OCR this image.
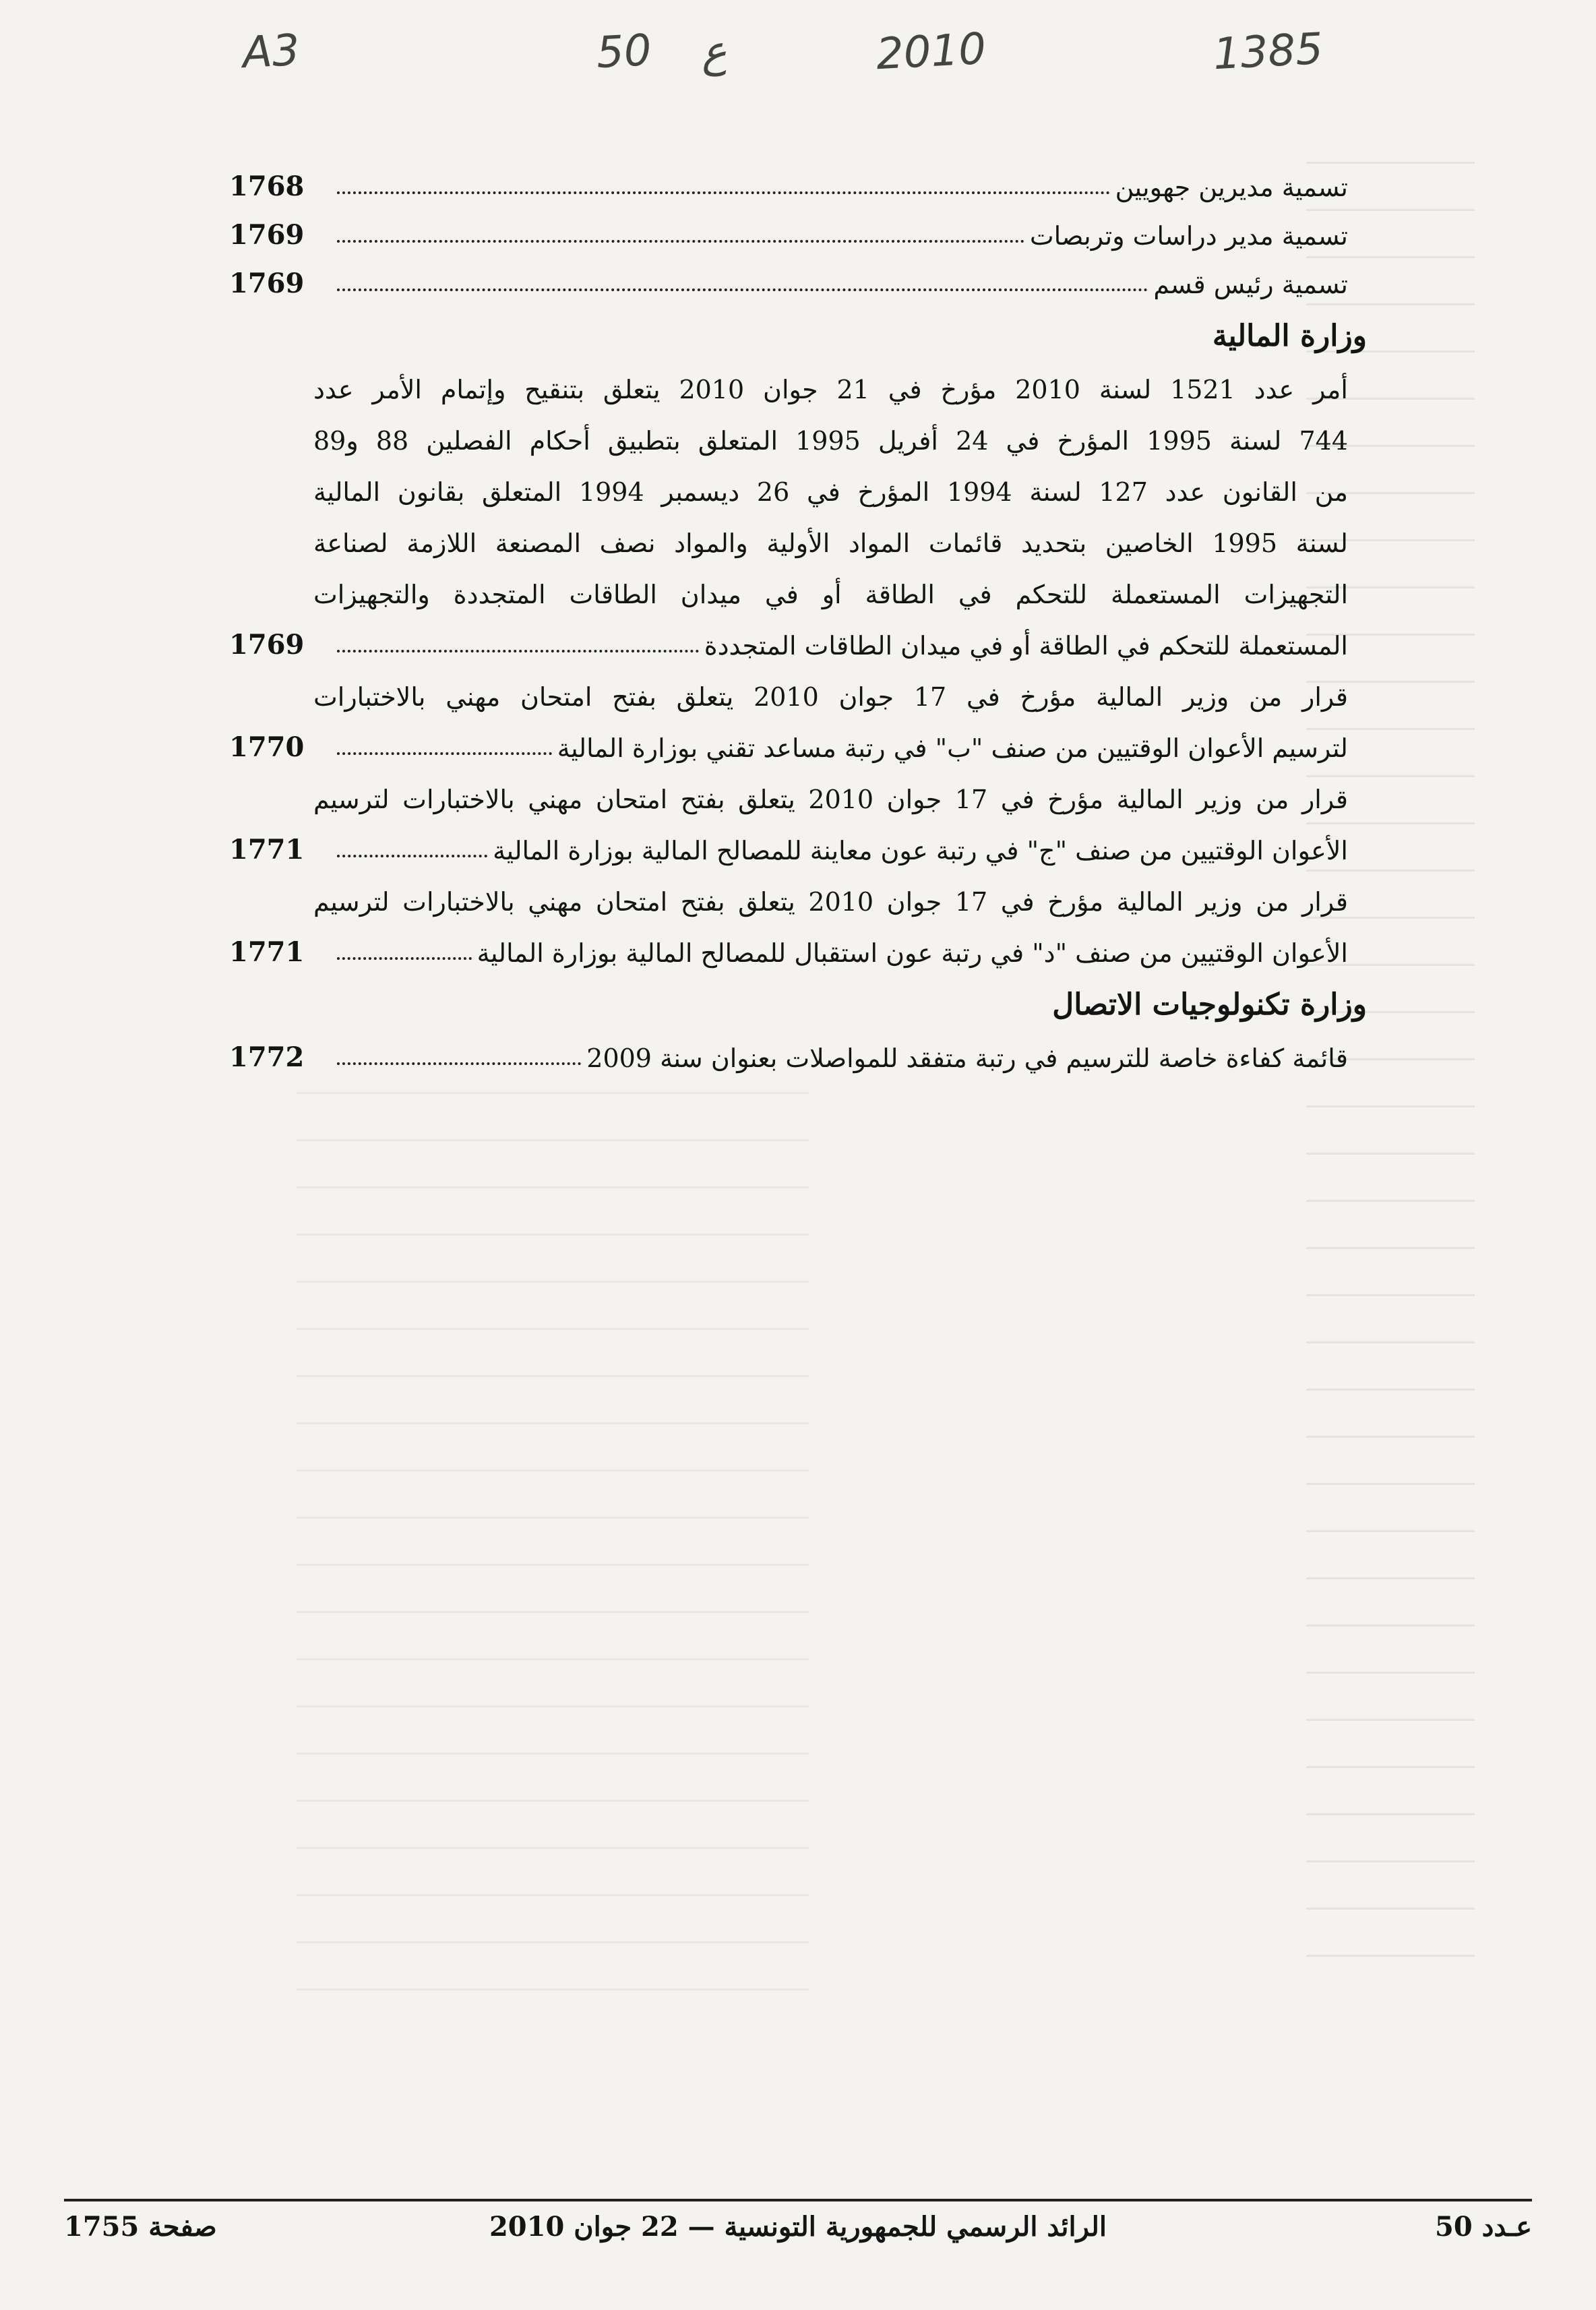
A3	50 ع	2010	1385
تسمية مديرين جهويين
1768
تسمية مدير دراسات وتربصات
1769
تسمية رئيس قسم
1769
وزارة المالية
أمر عدد 1521 لسنة 2010 مؤرخ في 21 جوان 2010 يتعلق بتنقيح وإتمام الأمر عدد
744 لسنة 1995 المؤرخ في 24 أفريل 1995 المتعلق بتطبيق أحكام الفصلين 88 و89
من القانون عدد 127 لسنة 1994 المؤرخ في 26 ديسمبر 1994 المتعلق بقانون المالية
لسنة 1995 الخاصين بتحديد قائمات المواد الأولية والمواد نصف المصنعة اللازمة لصناعة
التجهيزات المستعملة للتحكم في الطاقة أو في ميدان الطاقات المتجددة والتجهيزات
المستعملة للتحكم في الطاقة أو في ميدان الطاقات المتجددة
1769
قرار من وزير المالية مؤرخ في 17 جوان 2010 يتعلق بفتح امتحان مهني بالاختبارات
لترسيم الأعوان الوقتيين من صنف "ب" في رتبة مساعد تقني بوزارة المالية
1770
قرار من وزير المالية مؤرخ في 17 جوان 2010 يتعلق بفتح امتحان مهني بالاختبارات لترسيم
الأعوان الوقتيين من صنف "ج" في رتبة عون معاينة للمصالح المالية بوزارة المالية
1771
قرار من وزير المالية مؤرخ في 17 جوان 2010 يتعلق بفتح امتحان مهني بالاختبارات لترسيم
الأعوان الوقتيين من صنف "د" في رتبة عون استقبال للمصالح المالية بوزارة المالية
1771
وزارة تكنولوجيات الاتصال
قائمة كفاءة خاصة للترسيم في رتبة متفقد للمواصلات بعنوان سنة 2009
1772
عـدد 50
الرائد الرسمي للجمهورية التونسية — 22 جوان 2010
صفحة 1755
